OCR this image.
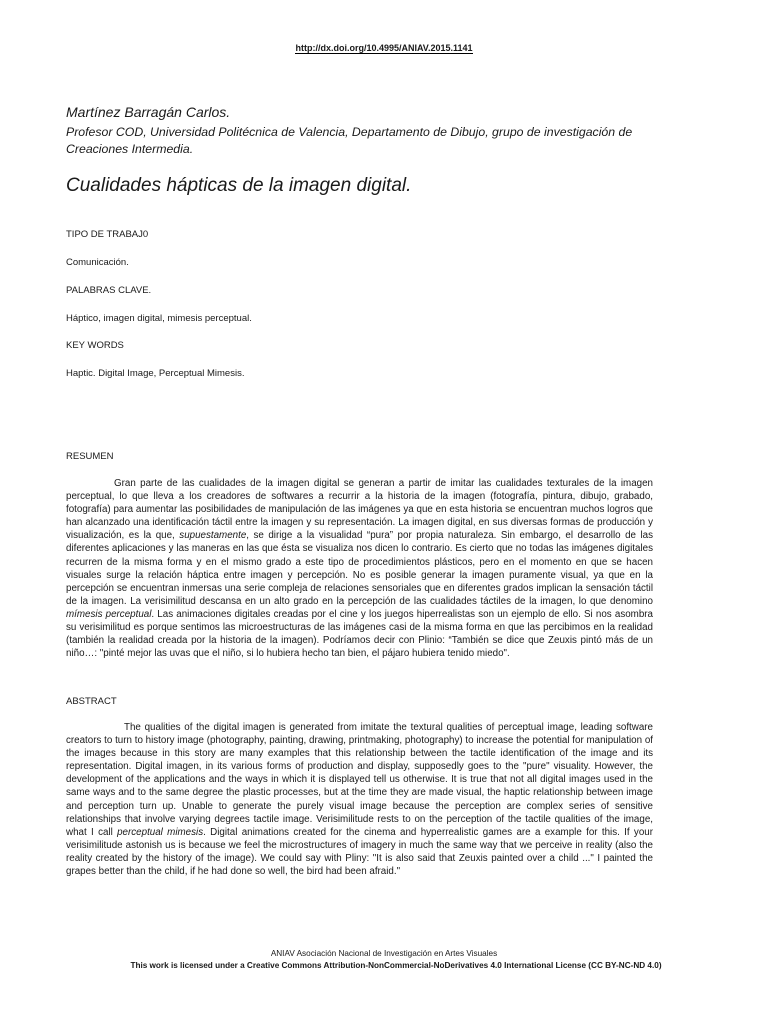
http://dx.doi.org/10.4995/ANIAV.2015.1141
Martínez Barragán Carlos.
Profesor COD, Universidad Politécnica de Valencia, Departamento de Dibujo, grupo de investigación de Creaciones Intermedia.
Cualidades hápticas de la imagen digital.
TIPO DE TRABAJ0
Comunicación.
PALABRAS CLAVE.
Háptico, imagen digital, mimesis perceptual.
KEY WORDS
Haptic. Digital Image, Perceptual Mimesis.
RESUMEN

Gran parte de las cualidades de la imagen digital se generan a partir de imitar las cualidades texturales de la imagen perceptual, lo que lleva a los creadores de softwares a recurrir a la historia de la imagen (fotografía, pintura, dibujo, grabado, fotografía) para aumentar las posibilidades de manipulación de las imágenes ya que en esta historia se encuentran muchos logros que han alcanzado una identificación táctil entre la imagen y su representación. La imagen digital, en sus diversas formas de producción y visualización, es la que, supuestamente, se dirige a la visualidad “pura” por propia naturaleza. Sin embargo, el desarrollo de las diferentes aplicaciones y las maneras en las que ésta se visualiza nos dicen lo contrario. Es cierto que no todas las imágenes digitales recurren de la misma forma y en el mismo grado a este tipo de procedimientos plásticos, pero en el momento en que se hacen visuales surge la relación háptica entre imagen y percepción. No es posible generar la imagen puramente visual, ya que en la percepción se encuentran inmersas una serie compleja de relaciones sensoriales que en diferentes grados implican la sensación táctil de la imagen. La verisimilitud descansa en un alto grado en la percepción de las cualidades táctiles de la imagen, lo que denomino mímesis perceptual. Las animaciones digitales creadas por el cine y los juegos hiperrealistas son un ejemplo de ello. Si nos asombra su verisimilitud es porque sentimos las microestructuras de las imágenes casi de la misma forma en que las percibimos en la realidad (también la realidad creada por la historia de la imagen). Podríamos decir con Plinio: “También se dice que Zeuxis pintó más de un niño…: "pinté mejor las uvas que el niño, si lo hubiera hecho tan bien, el pájaro hubiera tenido miedo".

ABSTRACT

The qualities of the digital imagen is generated from imitate the textural qualities of perceptual image, leading software creators to turn to history image (photography, painting, drawing, printmaking, photography) to increase the potential for manipulation of the images because in this story are many examples that this relationship between the tactile identification of the image and its representation. Digital imagen, in its various forms of production and display, supposedly goes to the "pure" visuality. However, the development of the applications and the ways in which it is displayed tell us otherwise. It is true that not all digital images used in the same ways and to the same degree the plastic processes, but at the time they are made visual, the haptic relationship between image and perception turn up. Unable to generate the purely visual image because the perception are complex series of sensitive relationships that involve varying degrees tactile image. Verisimilitude rests to on the perception of the tactile qualities of the image, what I call perceptual mimesis. Digital animations created for the cinema and hyperrealistic games are a example for this. If your verisimilitude astonish us is because we feel the microstructures of imagery in much the same way that we perceive in reality (also the reality created by the history of the image). We could say with Pliny: "It is also said that Zeuxis painted over a child ..." I painted the grapes better than the child, if he had done so well, the bird had been afraid."

ANIAV Asociación Nacional de Investigación en Artes Visuales
This work is licensed under a Creative Commons Attribution-NonCommercial-NoDerivatives 4.0 International License (CC BY-NC-ND 4.0)
